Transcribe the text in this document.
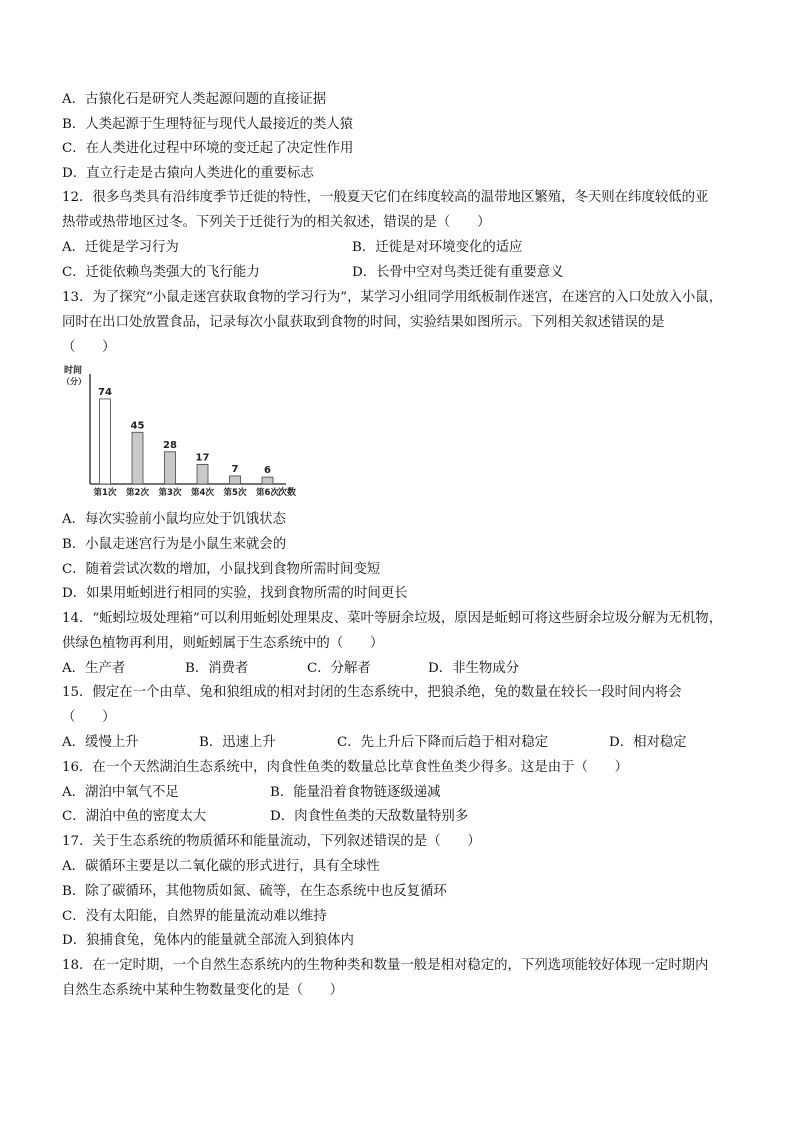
A．古猿化石是研究人类起源问题的直接证据
B．人类起源于生理特征与现代人最接近的类人猿
C．在人类进化过程中环境的变迁起了决定性作用
D．直立行走是古猿向人类进化的重要标志
12．很多鸟类具有沿纬度季节迁徙的特性，一般夏天它们在纬度较高的温带地区繁殖，冬天则在纬度较低的亚
热带或热带地区过冬。下列关于迁徙行为的相关叙述，错误的是（　　）
A．迁徙是学习行为	B．迁徙是对环境变化的适应
C．迁徙依赖鸟类强大的飞行能力	D．长骨中空对鸟类迁徙有重要意义
13．为了探究“小鼠走迷宫获取食物的学习行为”，某学习小组同学用纸板制作迷宫，在迷宫的入口处放入小鼠，
同时在出口处放置食品，记录每次小鼠获取到食物的时间，实验结果如图所示。下列相关叙述错误的是
（　　）
时间
（分）
次数
74
第1次
45
第2次
28
第3次
17
第4次
7
第5次
6
第6次
A．每次实验前小鼠均应处于饥饿状态
B．小鼠走迷宫行为是小鼠生来就会的
C．随着尝试次数的增加，小鼠找到食物所需时间变短
D．如果用蚯蚓进行相同的实验，找到食物所需的时间更长
14．“蚯蚓垃圾处理箱”可以利用蚯蚓处理果皮、菜叶等厨余垃圾，原因是蚯蚓可将这些厨余垃圾分解为无机物，
供绿色植物再利用，则蚯蚓属于生态系统中的（　　）
A．生产者	B．消费者	C．分解者	D．非生物成分
15．假定在一个由草、兔和狼组成的相对封闭的生态系统中，把狼杀绝，兔的数量在较长一段时间内将会
（　　）
A．缓慢上升	B．迅速上升	C．先上升后下降而后趋于相对稳定	D．相对稳定
16．在一个天然湖泊生态系统中，肉食性鱼类的数量总比草食性鱼类少得多。这是由于（　　）
A．湖泊中氧气不足	B．能量沿着食物链逐级递减
C．湖泊中鱼的密度太大	D．肉食性鱼类的天敌数量特别多
17．关于生态系统的物质循环和能量流动，下列叙述错误的是（　　）
A．碳循环主要是以二氧化碳的形式进行，具有全球性
B．除了碳循环，其他物质如氮、硫等，在生态系统中也反复循环
C．没有太阳能，自然界的能量流动难以维持
D．狼捕食兔，兔体内的能量就全部流入到狼体内
18．在一定时期，一个自然生态系统内的生物种类和数量一般是相对稳定的，下列选项能较好体现一定时期内
自然生态系统中某种生物数量变化的是（　　）
